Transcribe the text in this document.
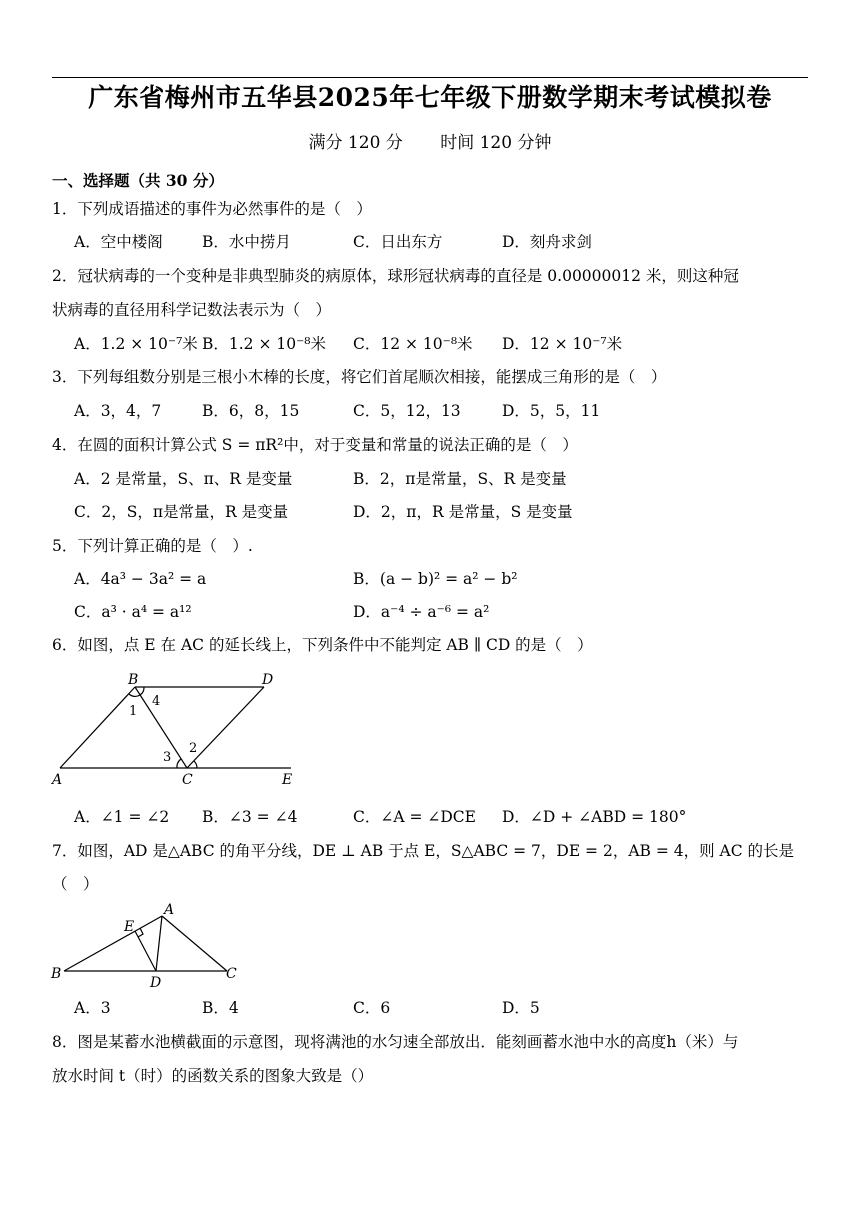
广东省梅州市五华县2025年七年级下册数学期末考试模拟卷
满分 120 分 时间 120 分钟
一、选择题（共 30 分）
1．下列成语描述的事件为必然事件的是（　）
A．空中楼阁	B．水中捞月	C．日出东方	D．刻舟求剑
2．冠状病毒的一个变种是非典型肺炎的病原体，球形冠状病毒的直径是 0.00000012 米，则这种冠
状病毒的直径用科学记数法表示为（　）
A．1.2 × 10⁻⁷米 B．1.2 × 10⁻⁸米 C．12 × 10⁻⁸米 D．12 × 10⁻⁷米
3．下列每组数分别是三根小木棒的长度，将它们首尾顺次相接，能摆成三角形的是（　）
A．3，4，7	B．6，8，15	C．5，12，13	D．5，5，11
4．在圆的面积计算公式 S = πR²中，对于变量和常量的说法正确的是（　）
A．2 是常量，S、π、R 是变量	B．2，π是常量，S、R 是变量
C．2，S，π是常量，R 是变量	D．2，π，R 是常量，S 是变量
5．下列计算正确的是（　）.
A．4a³ − 3a² = a	B．(a − b)² = a² − b²
C．a³ · a⁴ = a¹²	D．a⁻⁴ ÷ a⁻⁶ = a²
6．如图，点 E 在 AC 的延长线上，下列条件中不能判定 AB ∥ CD 的是（　）
B	D
A	C	E
1
4
3
2
A．∠1 = ∠2 B．∠3 = ∠4	C．∠A = ∠DCE D．∠D + ∠ABD = 180°
7．如图，AD 是△ABC 的角平分线，DE ⊥ AB 于点 E，S△ABC = 7，DE = 2，AB = 4，则 AC 的长是
（　）
A
E
B
D
C
A．3	B．4	C．6	D．5
8．图是某蓄水池横截面的示意图，现将满池的水匀速全部放出．能刻画蓄水池中水的高度h（米）与
放水时间 t（时）的函数关系的图象大致是（）
